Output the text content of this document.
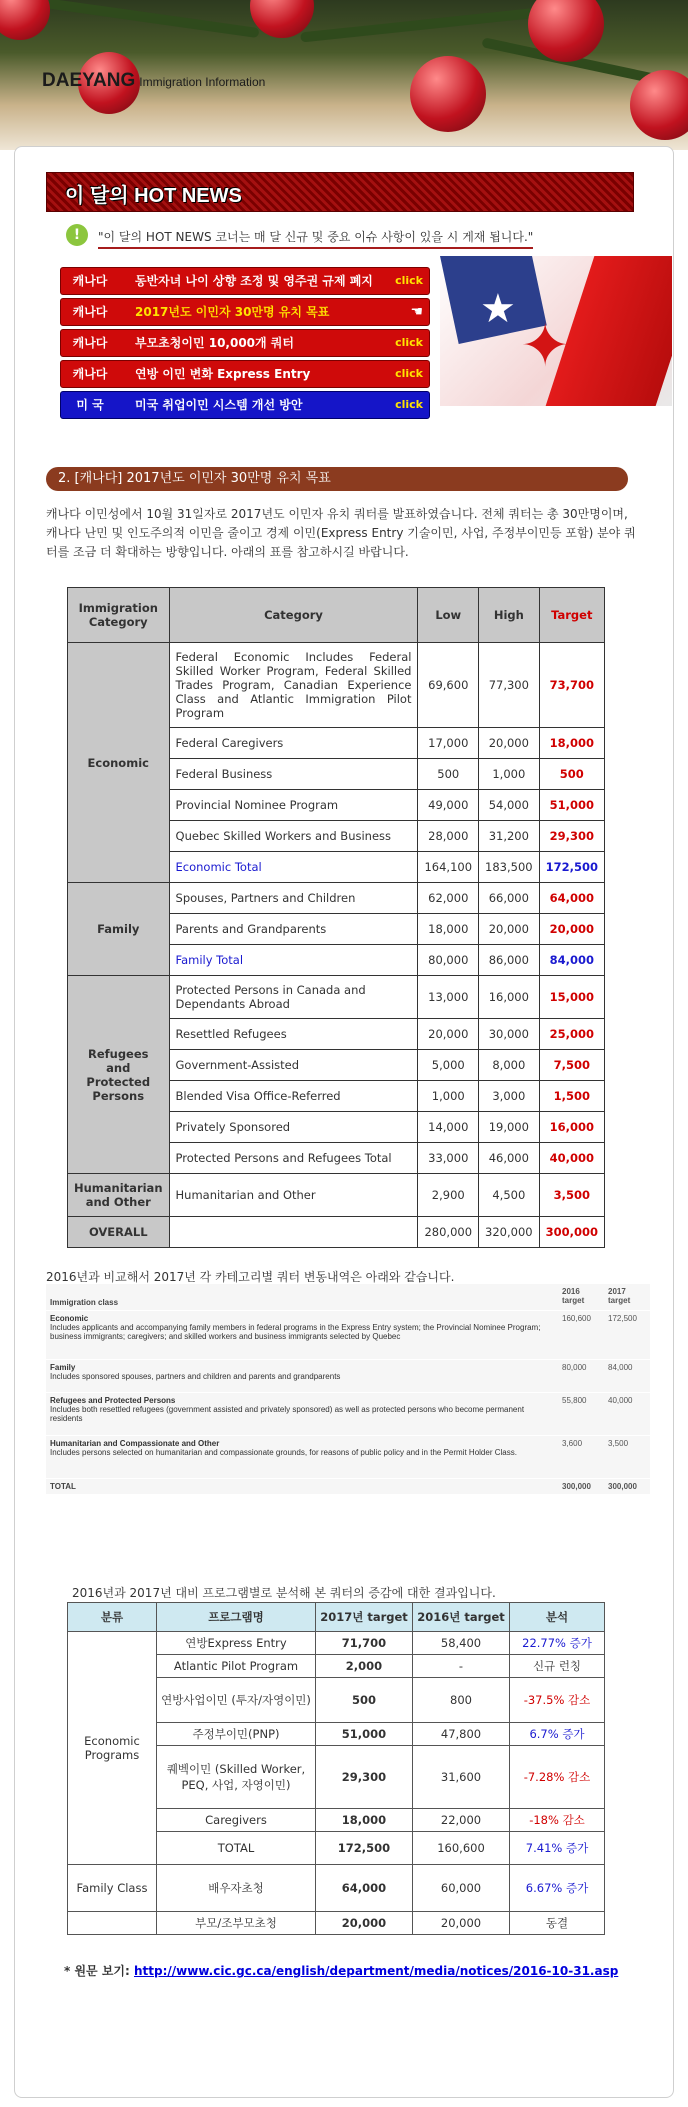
DAEYANG Immigration Information
이 달의 HOT NEWS
!	"이 달의 HOT NEWS 코너는 매 달 신규 및 중요 이슈 사항이 있을 시 게재 됩니다."
캐나다	동반자녀 나이 상향 조정 및 영주권 규제 폐지 click
캐나다	2017년도 이민자 30만명 유치 목표	☚
캐나다	부모초청이민 10,000개 쿼터	click
캐나다	연방 이민 변화 Express Entry	click
미 국	미국 취업이민 시스템 개선 방안	click
★
✦
2. [캐나다] 2017년도 이민자 30만명 유치 목표
캐나다 이민성에서 10월 31일자로 2017년도 이민자 유치 쿼터를 발표하였습니다. 전체 쿼터는 총 30만명이며, 캐나다 난민 및 인도주의적 이민을 줄이고 경제 이민(Express Entry 기술이민, 사업, 주정부이민등 포함) 분야 쿼터를 조금 더 확대하는 방향입니다. 아래의 표를 참고하시길 바랍니다.
Immigration Category	Category	Low	High	Target
Economic	Federal Economic Includes Federal Skilled Worker Program, Federal Skilled Trades Program, Canadian Experience Class and Atlantic Immigration Pilot Program	69,600	77,300	73,700
	Federal Caregivers	17,000	20,000	18,000
	Federal Business	500	1,000	500
	Provincial Nominee Program	49,000	54,000	51,000
	Quebec Skilled Workers and Business	28,000	31,200	29,300
	Economic Total	164,100	183,500	172,500
Family	Spouses, Partners and Children	62,000	66,000	64,000
	Parents and Grandparents	18,000	20,000	20,000
	Family Total	80,000	86,000	84,000
Refugees and Protected Persons	Protected Persons in Canada and Dependants Abroad	13,000	16,000	15,000
	Resettled Refugees	20,000	30,000	25,000
	Government-Assisted	5,000	8,000	7,500
	Blended Visa Office-Referred	1,000	3,000	1,500
	Privately Sponsored	14,000	19,000	16,000
	Protected Persons and Refugees Total	33,000	46,000	40,000
Humanitarian and Other	Humanitarian and Other	2,900	4,500	3,500
OVERALL		280,000	320,000	300,000
2016년과 비교해서 2017년 각 카테고리별 쿼터 변동내역은 아래와 같습니다.
Immigration class	2016 target	2017 target
Economic
Includes applicants and accompanying family members in federal programs in the Express Entry system; the Provincial Nominee Program; business immigrants; caregivers; and skilled workers and business immigrants selected by Quebec	160,600	172,500
Family
Includes sponsored spouses, partners and children and parents and grandparents	80,000	84,000
Refugees and Protected Persons
Includes both resettled refugees (government assisted and privately sponsored) as well as protected persons who become permanent residents	55,800	40,000
Humanitarian and Compassionate and Other
Includes persons selected on humanitarian and compassionate grounds, for reasons of public policy and in the Permit Holder Class.	3,600	3,500
TOTAL	300,000	300,000
2016년과 2017년 대비 프로그램별로 분석해 본 쿼터의 증감에 대한 결과입니다.
분류	프로그램명	2017년 target	2016년 target	분석
Economic Programs	연방Express Entry	71,700	58,400	22.77% 증가
	Atlantic Pilot Program	2,000	-	신규 런칭
	연방사업이민 (투자/자영이민)	500	800	-37.5% 감소
	주정부이민(PNP)	51,000	47,800	6.7% 증가
	퀘벡이민 (Skilled Worker, PEQ, 사업, 자영이민)	29,300	31,600	-7.28% 감소
	Caregivers	18,000	22,000	-18% 감소
	TOTAL	172,500	160,600	7.41% 증가
Family Class	배우자초청	64,000	60,000	6.67% 증가
	부모/조부모초청	20,000	20,000	동결
* 원문 보기: http://www.cic.gc.ca/english/department/media/notices/2016-10-31.asp
